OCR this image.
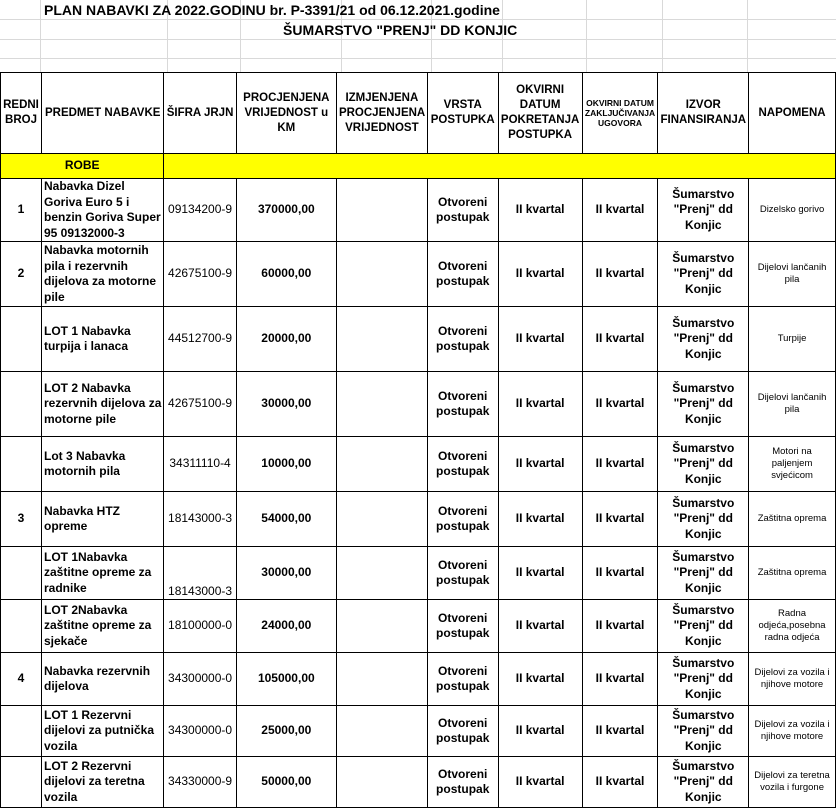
PLAN NABAVKI ZA 2022.GODINU br. P-3391/21 od 06.12.2021.godine
ŠUMARSTVO "PRENJ" DD KONJIC
REDNI BROJ	PREDMET NABAVKE	ŠIFRA JRJN	PROCJENJENA VRIJEDNOST u KM	IZMJENJENA PROCJENJENA VRIJEDNOST	VRSTA POSTUPKA	OKVIRNI DATUM POKRETANJA POSTUPKA	OKVIRNI DATUM ZAKLJUČIVANJA UGOVORA	IZVOR FINANSIRANJA	NAPOMENA
ROBE									
1	Nabavka Dizel Goriva Euro 5 i benzin Goriva Super 95 09132000-3	09134200-9	370000,00		Otvoreni postupak	II kvartal	II kvartal	Šumarstvo "Prenj" dd Konjic	Dizelsko gorivo
2	Nabavka motornih pila i rezervnih dijelova za motorne pile	42675100-9	60000,00		Otvoreni postupak	II kvartal	II kvartal	Šumarstvo "Prenj" dd Konjic	Dijelovi lančanih pila
	LOT 1 Nabavka turpija i lanaca	44512700-9	20000,00		Otvoreni postupak	II kvartal	II kvartal	Šumarstvo "Prenj" dd Konjic	Turpije
	LOT 2 Nabavka rezervnih dijelova za motorne pile	42675100-9	30000,00		Otvoreni postupak	II kvartal	II kvartal	Šumarstvo "Prenj" dd Konjic	Dijelovi lančanih pila
	Lot 3 Nabavka motornih pila	34311110-4	10000,00		Otvoreni postupak	II kvartal	II kvartal	Šumarstvo "Prenj" dd Konjic	Motori na paljenjem svjećicom
3	Nabavka HTZ opreme	18143000-3	54000,00		Otvoreni postupak	II kvartal	II kvartal	Šumarstvo "Prenj" dd Konjic	Zaštitna oprema
	LOT 1Nabavka zaštitne opreme za radnike	18143000-3	30000,00		Otvoreni postupak	II kvartal	II kvartal	Šumarstvo "Prenj" dd Konjic	Zaštitna oprema
	LOT 2Nabavka zaštitne opreme za sjekače	18100000-0	24000,00		Otvoreni postupak	II kvartal	II kvartal	Šumarstvo "Prenj" dd Konjic	Radna odjeća,posebna radna odjeća
4	Nabavka rezervnih dijelova	34300000-0	105000,00		Otvoreni postupak	II kvartal	II kvartal	Šumarstvo "Prenj" dd Konjic	Dijelovi za vozila i njihove motore
	LOT 1 Rezervni dijelovi za putnička vozila	34300000-0	25000,00		Otvoreni postupak	II kvartal	II kvartal	Šumarstvo "Prenj" dd Konjic	Dijelovi za vozila i njihove motore
	LOT 2 Rezervni dijelovi za teretna vozila	34330000-9	50000,00		Otvoreni postupak	II kvartal	II kvartal	Šumarstvo "Prenj" dd Konjic	Dijelovi za teretna vozila i furgone
